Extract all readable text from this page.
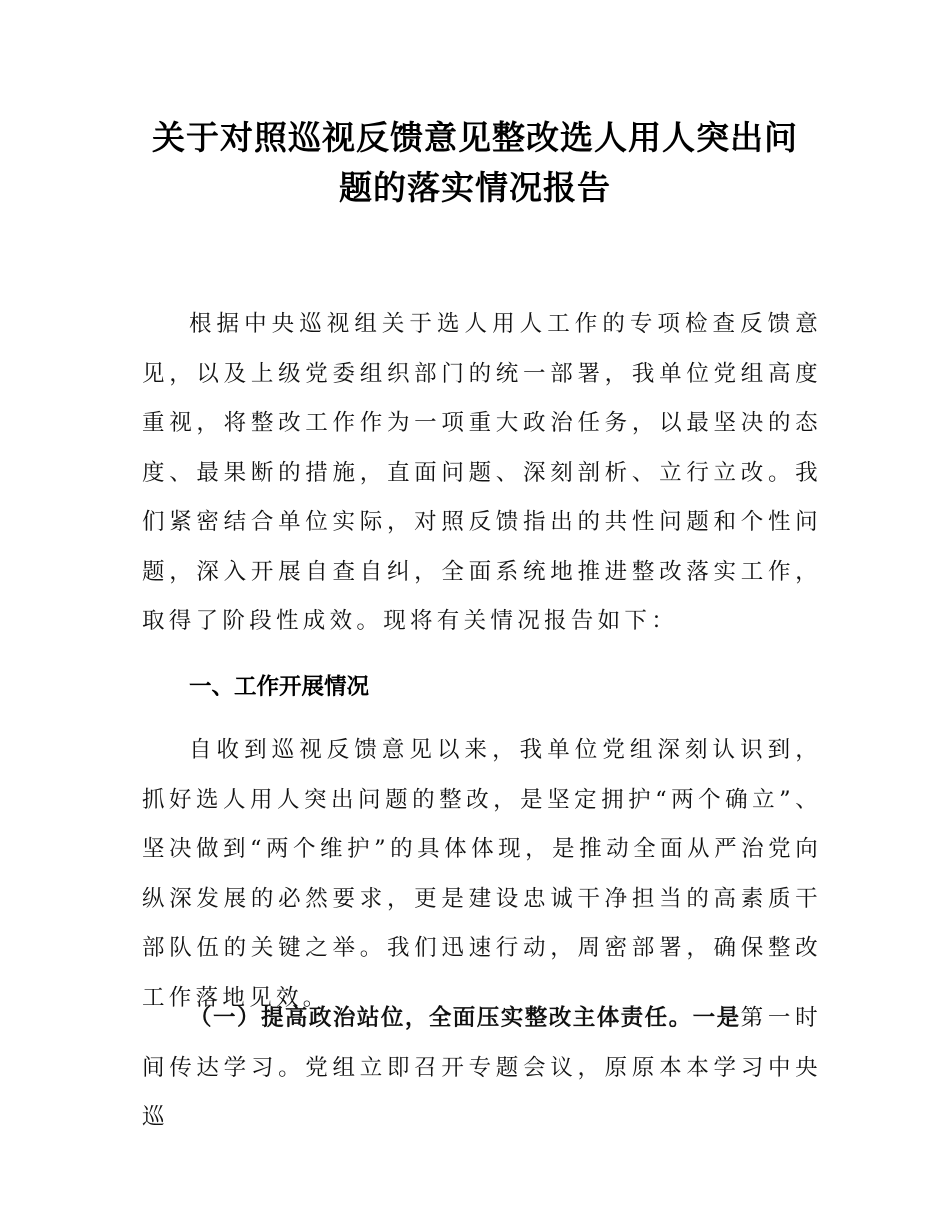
关于对照巡视反馈意见整改选人用人突出问
题的落实情况报告

根据中央巡视组关于选人用人工作的专项检查反馈意见，以及上级党委组织部门的统一部署，我单位党组高度重视，将整改工作作为一项重大政治任务，以最坚决的态度、最果断的措施，直面问题、深刻剖析、立行立改。我们紧密结合单位实际，对照反馈指出的共性问题和个性问题，深入开展自查自纠，全面系统地推进整改落实工作，取得了阶段性成效。现将有关情况报告如下：

一、工作开展情况

自收到巡视反馈意见以来，我单位党组深刻认识到，抓好选人用人突出问题的整改，是坚定拥护“两个确立”、坚决做到“两个维护”的具体体现，是推动全面从严治党向纵深发展的必然要求，更是建设忠诚干净担当的高素质干部队伍的关键之举。我们迅速行动，周密部署，确保整改工作落地见效。

（一）提高政治站位，全面压实整改主体责任。一是第一时间传达学习。党组立即召开专题会议，原原本本学习中央巡
